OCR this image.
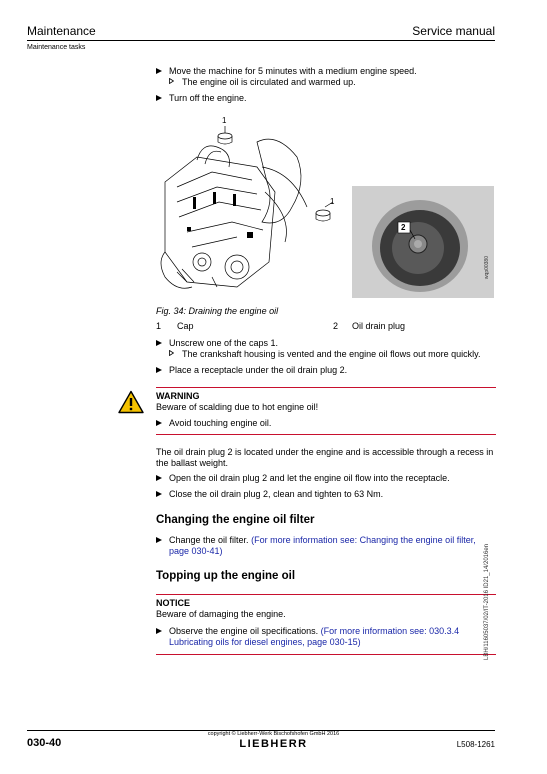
Maintenance	Service manual
Maintenance tasks
Move the machine for 5 minutes with a medium engine speed.
The engine oil is circulated and warmed up.
Turn off the engine.
1
1
2
wqp00380
Fig. 34: Draining the engine oil
1 Cap	2 Oil drain plug
Unscrew one of the caps 1.
The crankshaft housing is vented and the engine oil flows out more quickly.
Place a receptacle under the oil drain plug 2.
WARNING
Beware of scalding due to hot engine oil!
Avoid touching engine oil.
The oil drain plug 2 is located under the engine and is accessible through a recess in the ballast weight.
Open the oil drain plug 2 and let the engine oil flow into the receptacle.
Close the oil drain plug 2, clean and tighten to 63 Nm.
Changing the engine oil filter
Change the oil filter. (For more information see: Changing the engine oil filter, page 030-41)
Topping up the engine oil
NOTICE
Beware of damaging the engine.
Observe the engine oil specifications. (For more information see: 030.3.4 Lubricating oils for diesel engines, page 030-15)	LBH/11605037/02/IT-2016 ID21_14/2016en
copyright © Liebherr-Werk Bischofshofen GmbH 2016
030-40	LIEBHERR	L508-1261
